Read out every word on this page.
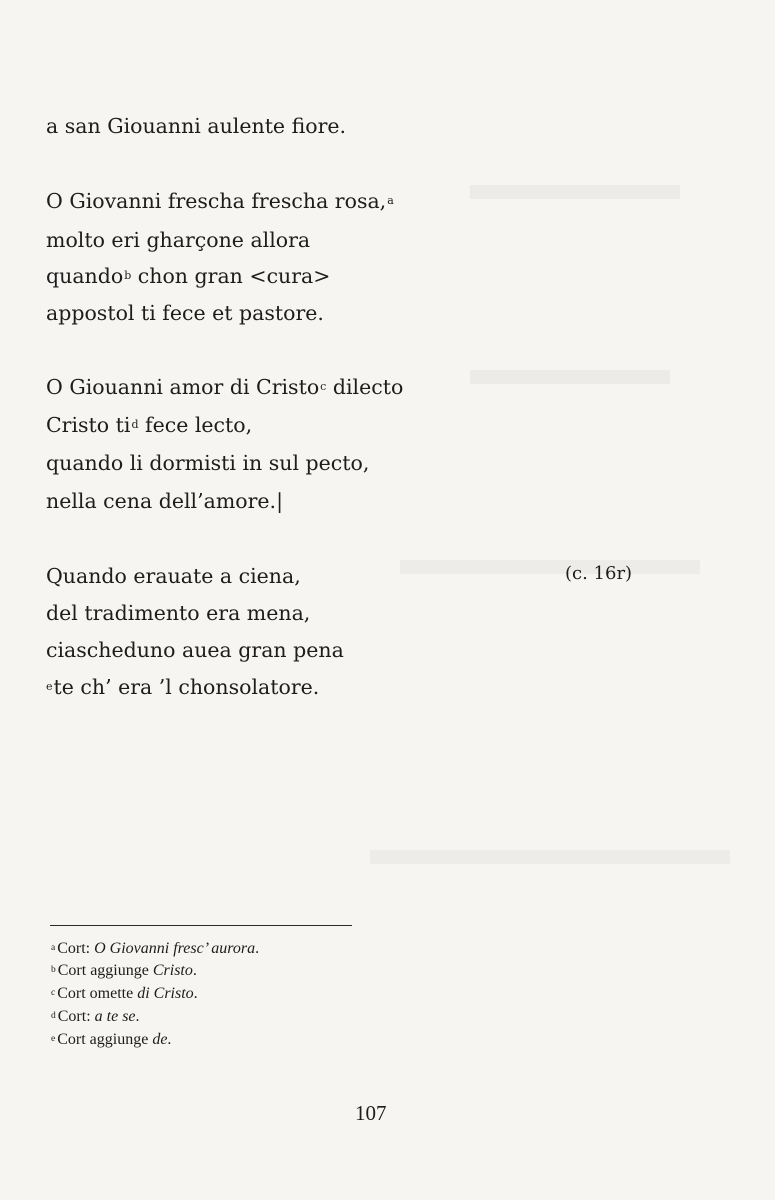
a san Giouanni aulente fiore.
O Giovanni frescha frescha rosa,$^a$
molto eri gharçone allora
quando$^b$ chon gran <cura>
appostol ti fece et pastore.
O Giouanni amor di Cristo$^c$ dilecto
Cristo $ti^d$ fece lecto,
quando li dormisti in sul pecto,
nella cena dell’amore.|
Quando erauate a ciena,	(c. 16r)
del tradimento era mena,
ciascheduno auea gran pena
$^e$te ch’ era ’l chonsolatore.
$^a$ Cort: O Giovanni fresc’ aurora.
$^b$ Cort aggiunge Cristo.
$^c$ Cort omette di Cristo.
$^d$ Cort: a te se.
$^e$ Cort aggiunge de.
107
